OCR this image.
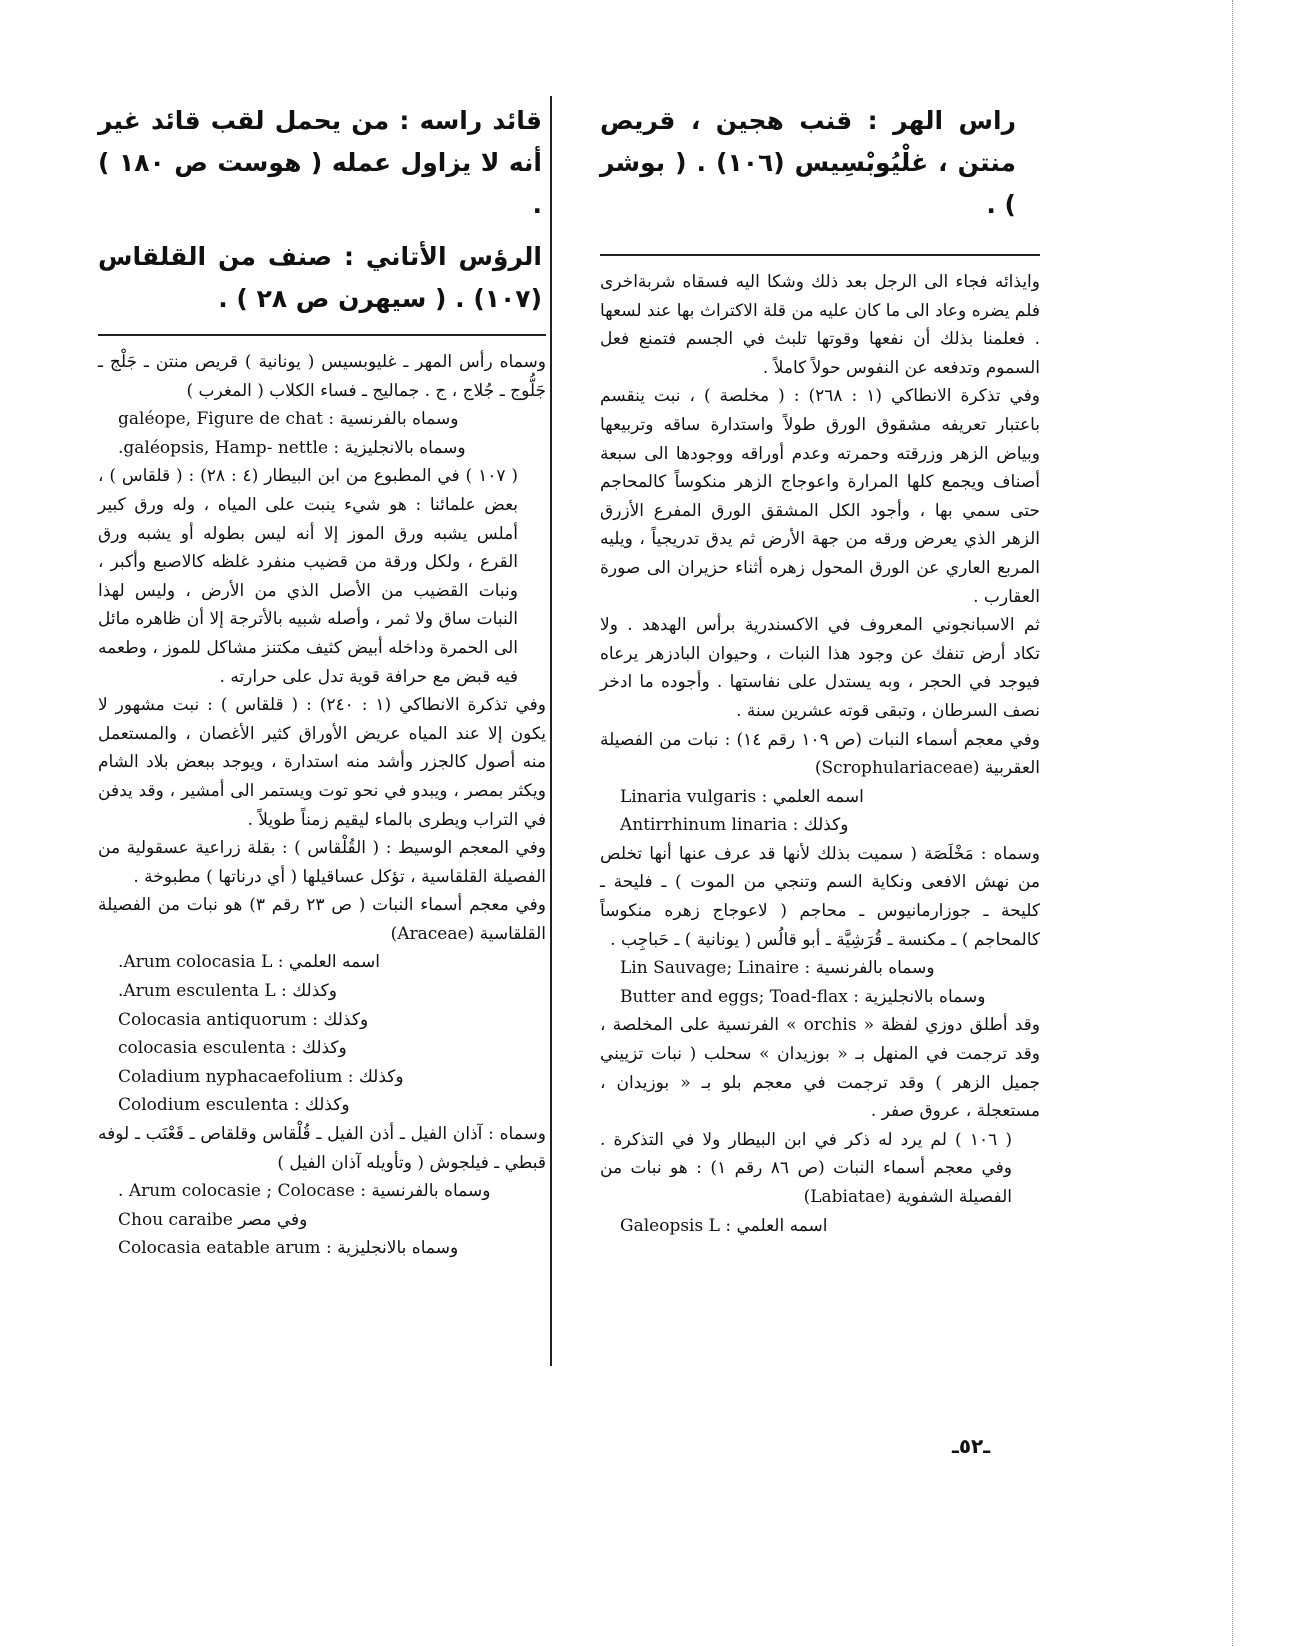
راس الهر : قنب هجين ، قريص منتن ، غلْيُوبْسِيس (١٠٦) . ( بوشر ) .

وايذائه فجاء الى الرجل بعد ذلك وشكا اليه فسقاه شربةاخرى فلم يضره وعاد الى ما كان عليه من قلة الاكتراث بها عند لسعها . فعلمنا بذلك أن نفعها وقوتها تلبث في الجسم فتمنع فعل السموم وتدفعه عن النفوس حولاً كاملاً .

وفي تذكرة الانطاكي (١ : ٢٦٨) : ( مخلصة ) ، نبت ينقسم باعتبار تعريفه مشقوق الورق طولاً واستدارة ساقه وتربيعها وبياض الزهر وزرقته وحمرته وعدم أوراقه ووجودها الى سبعة أصناف ويجمع كلها المرارة واعوجاج الزهر منكوساً كالمحاجم حتى سمي بها ، وأجود الكل المشقق الورق المفرع الأزرق الزهر الذي يعرض ورقه من جهة الأرض ثم يدق تدريجياً ، ويليه المربع العاري عن الورق المحول زهره أثناء حزيران الى صورة العقارب .

ثم الاسبانجوني المعروف في الاكسندرية برأس الهدهد . ولا تكاد أرض تنفك عن وجود هذا النبات ، وحيوان البادزهر يرعاه فيوجد في الحجر ، وبه يستدل على نفاستها . وأجوده ما ادخر نصف السرطان ، وتبقى قوته عشرين سنة .

وفي معجم أسماء النبات (ص ١٠٩ رقم ١٤) : نبات من الفصيلة العقربية (Scrophulariaceae)

اسمه العلمي : Linaria vulgaris

وكذلك : Antirrhinum linaria

وسماه : مَخْلَصَة ( سميت بذلك لأنها قد عرف عنها أنها تخلص من نهش الافعى ونكاية السم وتنجي من الموت ) ـ فليحة ـ كليحة ـ جوزارمانيوس ـ محاجم ( لاعوجاج زهره منكوساً كالمحاجم ) ـ مكنسة ـ قُرَشِيَّة ـ أبو قالُس ( يونانية ) ـ حَباجِب .

وسماه بالفرنسية : Lin Sauvage; Linaire

وسماه بالانجليزية : Butter and eggs; Toad-flax

وقد أطلق دوزي لفظة « orchis » الفرنسية على المخلصة ، وقد ترجمت في المنهل بـ « بوزيدان » سحلب ( نبات تزييني جميل الزهر ) وقد ترجمت في معجم بلو بـ « بوزيدان ، مستعجلة ، عروق صفر .

( ١٠٦ ) لم يرد له ذكر في ابن البيطار ولا في التذكرة . وفي معجم أسماء النبات (ص ٨٦ رقم ١) : هو نبات من الفصيلة الشفوية (Labiatae)

اسمه العلمي : Galeopsis L

قائد راسه : من يحمل لقب قائد غير أنه لا يزاول عمله ( هوست ص ١٨٠ ) .

الرؤس الأتاني : صنف من القلقاس (١٠٧) . ( سيهرن ص ٢٨ ) .

وسماه رأس المهر ـ غليوبسيس ( يونانية ) قريص منتن ـ جَلْج ـ جَلُّوج ـ جُلاج ، ج . جماليج ـ فساء الكلاب ( المغرب )

وسماه بالفرنسية : galéope, Figure de chat

وسماه بالانجليزية : galéopsis, Hamp- nettle.

( ١٠٧ ) في المطبوع من ابن البيطار (٤ : ٢٨) : ( قلقاس ) ، بعض علمائنا : هو شيء ينبت على المياه ، وله ورق كبير أملس يشبه ورق الموز إلا أنه ليس بطوله أو يشبه ورق القرع ، ولكل ورقة من قضيب منفرد غلظه كالاصبع وأكبر ، ونبات القضيب من الأصل الذي من الأرض ، وليس لهذا النبات ساق ولا ثمر ، وأصله شبيه بالأترجة إلا أن ظاهره مائل الى الحمرة وداخله أبيض كثيف مكتنز مشاكل للموز ، وطعمه فيه قبض مع حرافة قوية تدل على حرارته .

وفي تذكرة الانطاكي (١ : ٢٤٠) : ( قلقاس ) : نبت مشهور لا يكون إلا عند المياه عريض الأوراق كثير الأغصان ، والمستعمل منه أصول كالجزر وأشد منه استدارة ، ويوجد ببعض بلاد الشام ويكثر بمصر ، ويبدو في نحو توت ويستمر الى أمشير ، وقد يدفن في التراب ويطرى بالماء ليقيم زمناً طويلاً .

وفي المعجم الوسيط : ( القُلْقاس ) : بقلة زراعية عسقولية من الفصيلة القلقاسية ، تؤكل عساقيلها ( أي درناتها ) مطبوخة .

وفي معجم أسماء النبات ( ص ٢٣ رقم ٣) هو نبات من الفصيلة القلقاسية (Araceae)

اسمه العلمي : Arum colocasia L.

وكذلك : Arum esculenta L.

وكذلك : Colocasia antiquorum

وكذلك : colocasia esculenta

وكذلك : Coladium nyphacaefolium

وكذلك : Colodium esculenta

وسماه : آذان الفيل ـ أذن الفيل ـ قُلْقاس وقلقاص ـ قَعْنَب ـ لوفه قبطي ـ فيلجوش ( وتأويله آذان الفيل )

وسماه بالفرنسية : Arum colocasie ; Colocase .

وفي مصر Chou caraibe

وسماه بالانجليزية : Colocasia eatable arum

ـ٥٢ـ
